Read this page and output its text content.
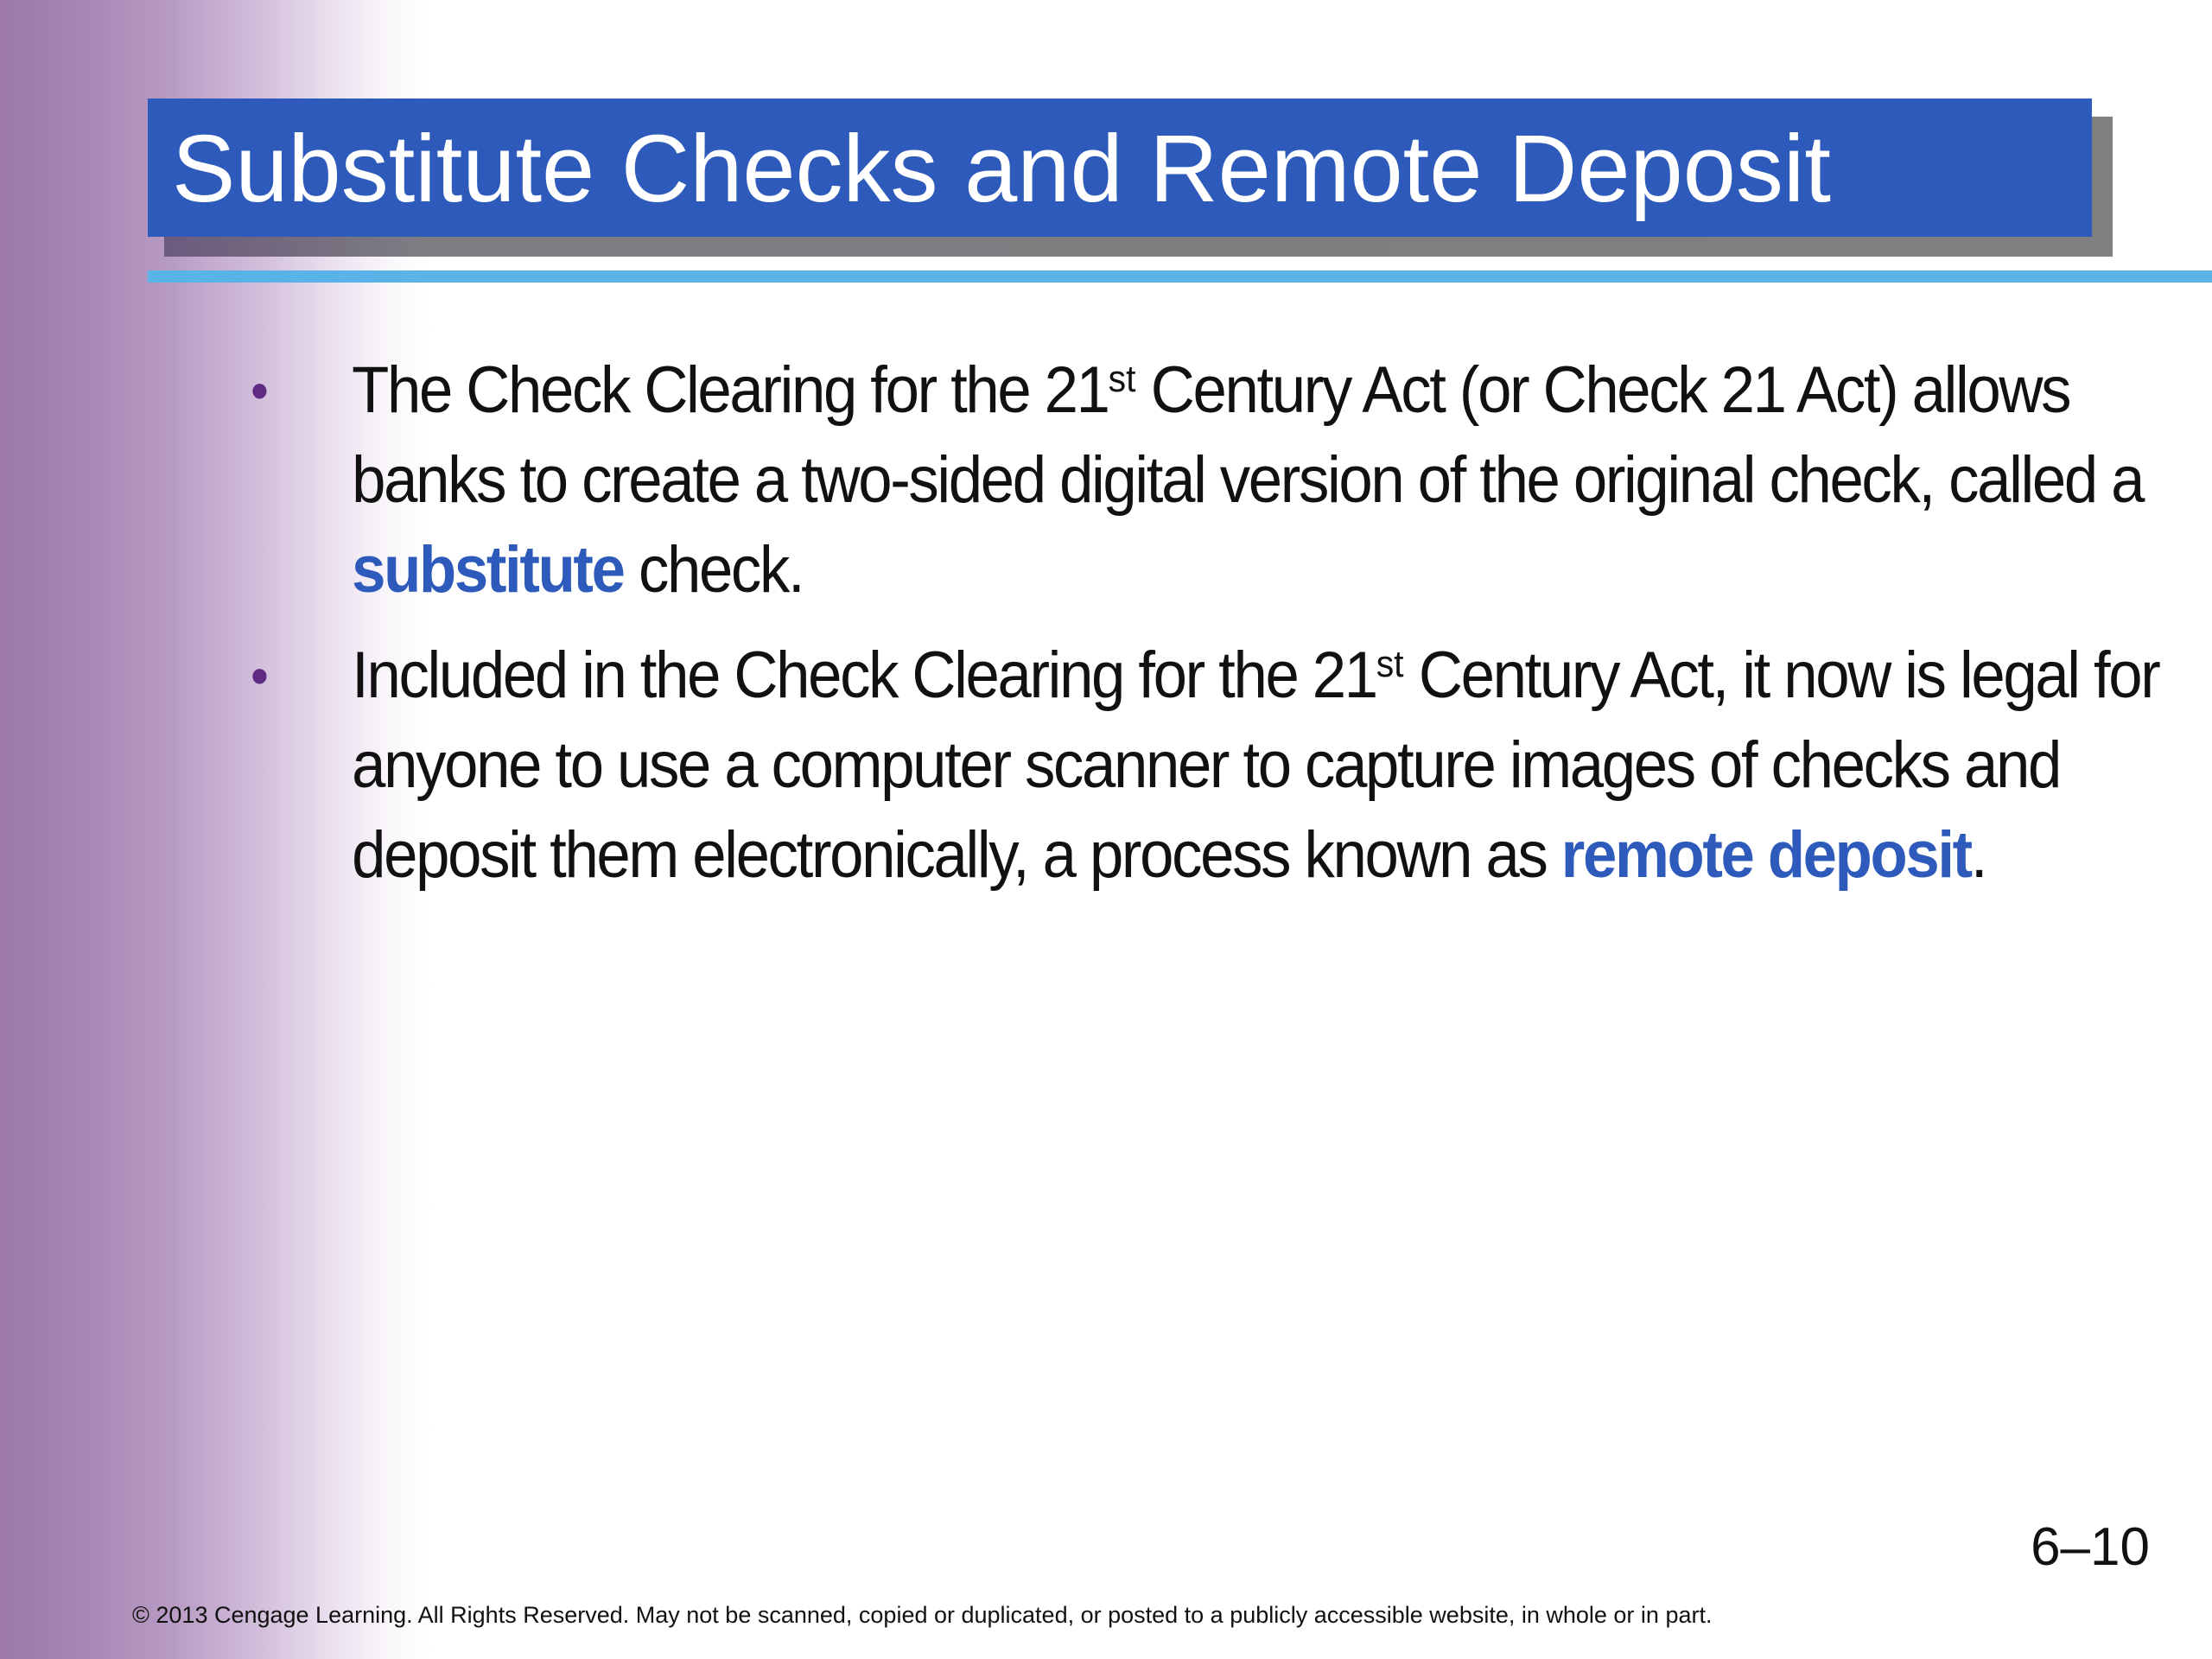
Substitute Checks and Remote Deposit
• The Check Clearing for the 21st Century Act (or Check 21 Act) allows banks to create a two-sided digital version of the original check, called a substitute check.
• Included in the Check Clearing for the 21st Century Act, it now is legal for anyone to use a computer scanner to capture images of checks and deposit them electronically, a process known as remote deposit.
6–10
© 2013 Cengage Learning. All Rights Reserved. May not be scanned, copied or duplicated, or posted to a publicly accessible website, in whole or in part.
